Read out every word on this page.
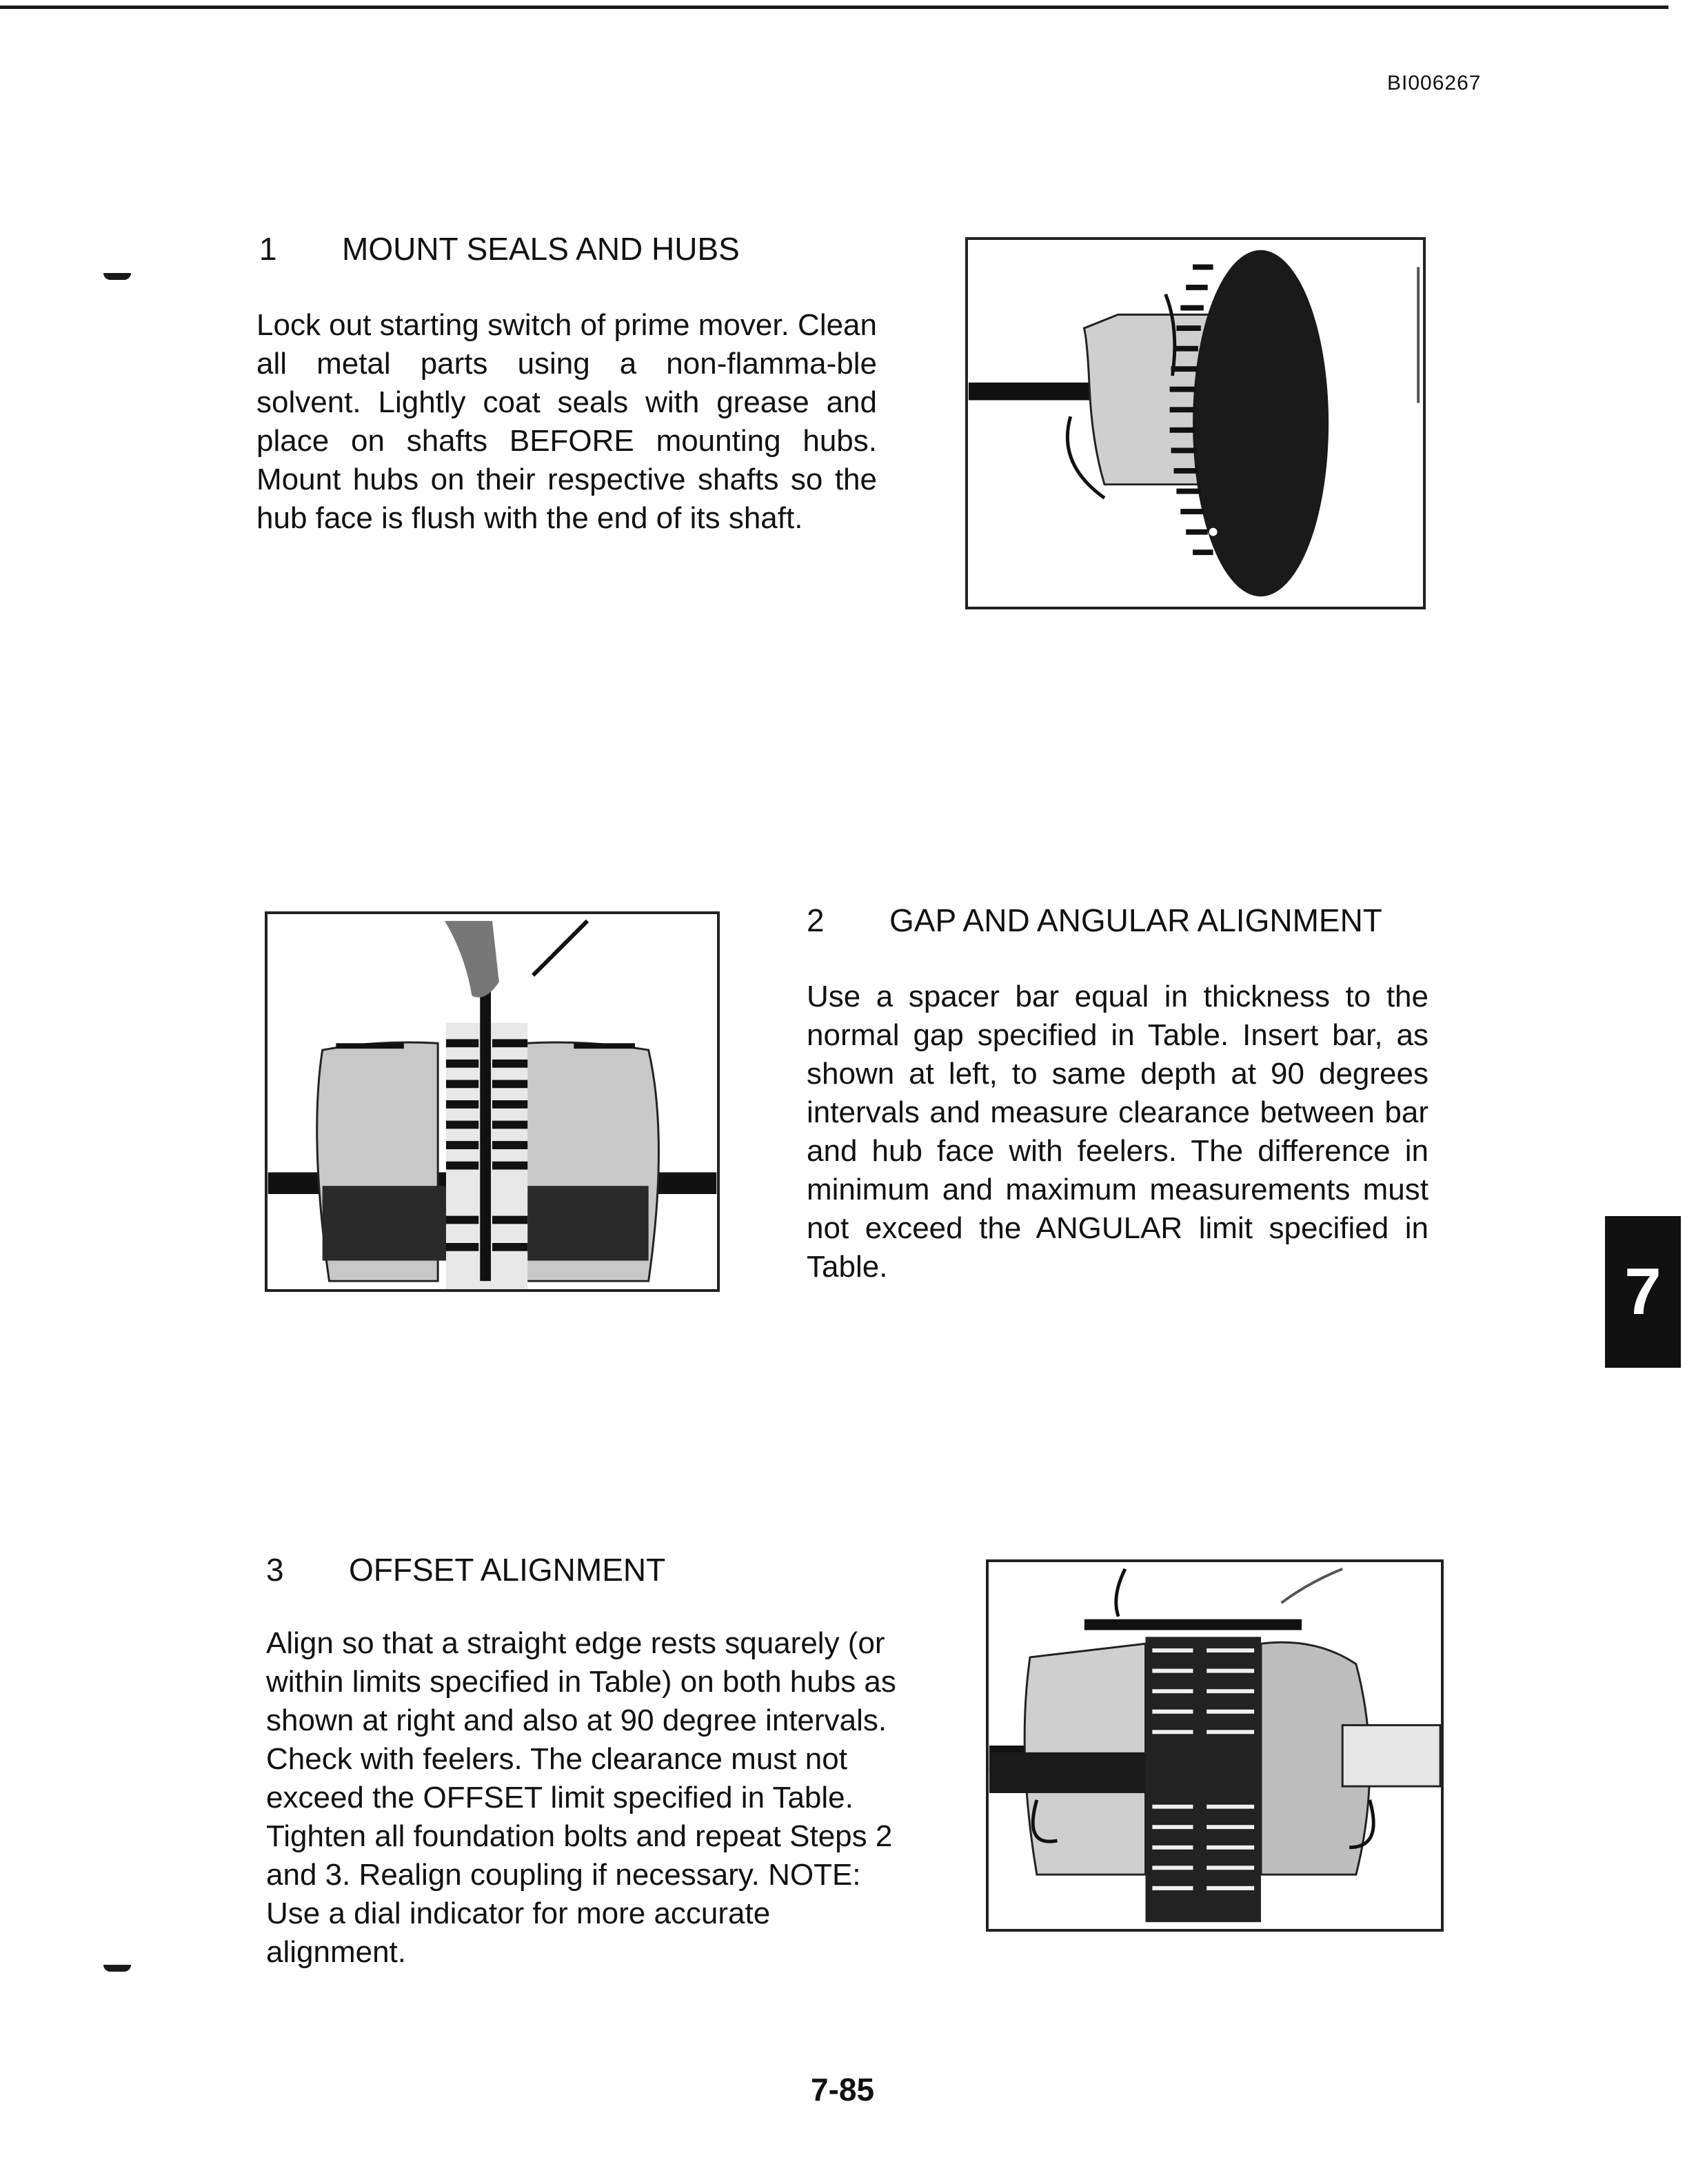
BI006267
1 MOUNT SEALS AND HUBS

Lock out starting switch of prime mover. Clean all metal parts using a non-flamma-ble solvent. Lightly coat seals with grease and place on shafts BEFORE mounting hubs. Mount hubs on their respective shafts so the hub face is flush with the end of its shaft.

2 GAP AND ANGULAR ALIGNMENT

Use a spacer bar equal in thickness to the normal gap specified in Table. Insert bar, as shown at left, to same depth at 90 degrees intervals and measure clearance between bar and hub face with feelers. The difference in minimum and maximum measurements must not exceed the ANGULAR limit specified in Table.	7
3 OFFSET ALIGNMENT

Align so that a straight edge rests squarely (or within limits specified in Table) on both hubs as shown at right and also at 90 degree intervals. Check with feelers. The clearance must not exceed the OFFSET limit specified in Table. Tighten all foundation bolts and repeat Steps 2 and 3. Realign coupling if necessary. NOTE: Use a dial indicator for more accurate alignment.

7-85
